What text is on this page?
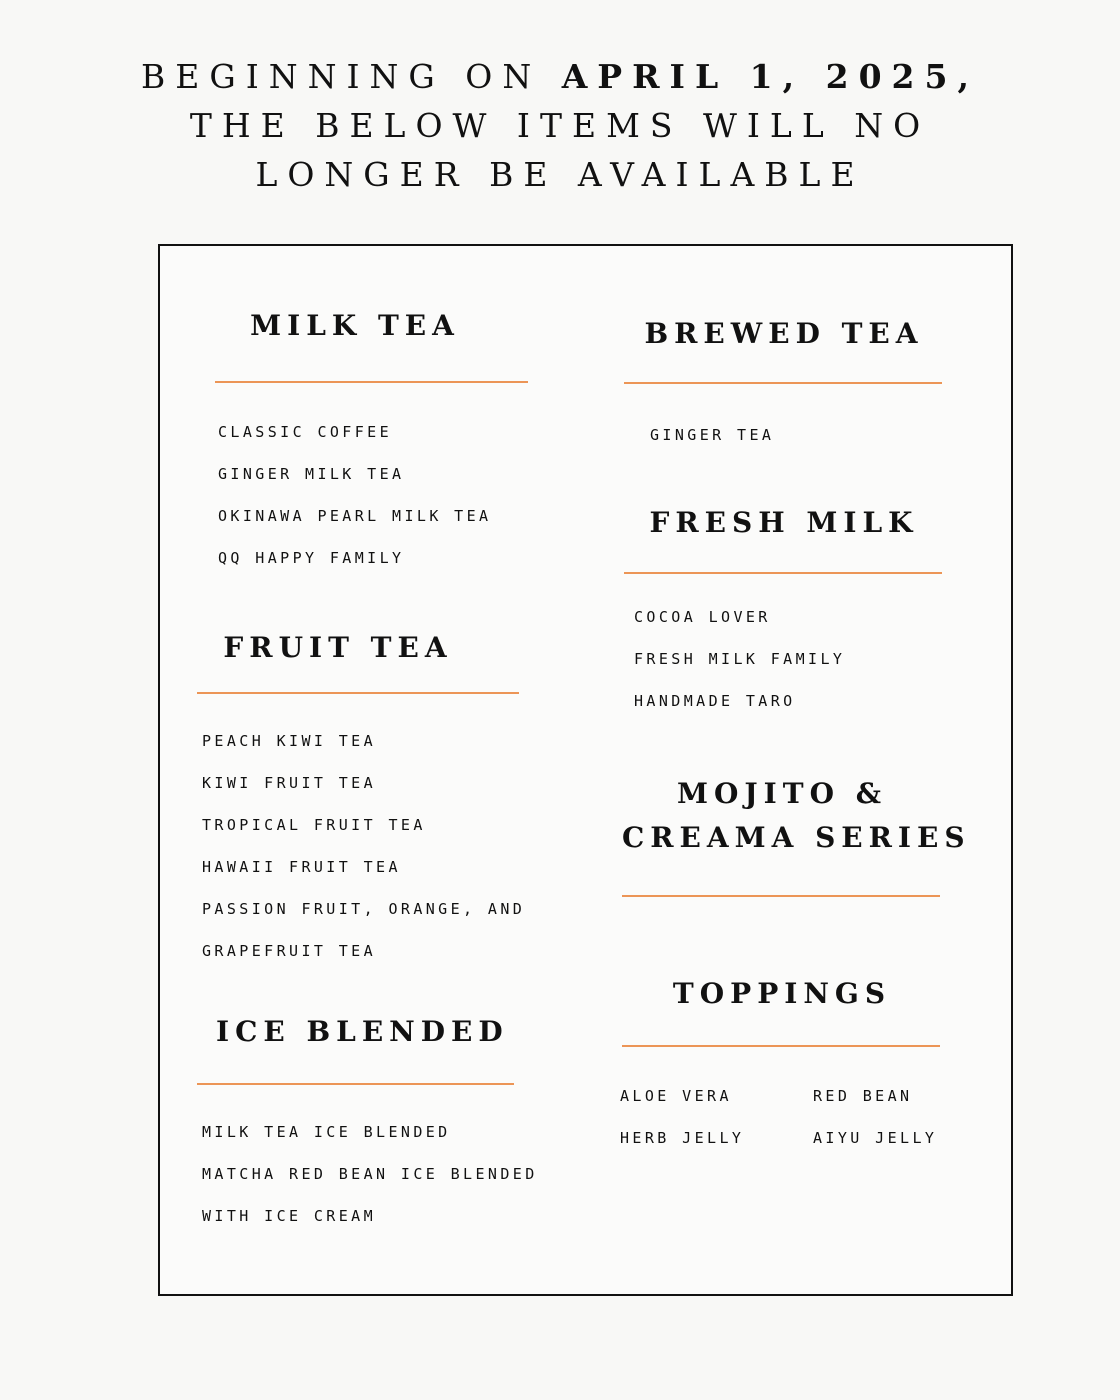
BEGINNING ON APRIL 1, 2025,
THE BELOW ITEMS WILL NO
LONGER BE AVAILABLE
MILK TEA
CLASSIC COFFEE
GINGER MILK TEA
OKINAWA PEARL MILK TEA
QQ HAPPY FAMILY
FRUIT TEA
PEACH KIWI TEA
KIWI FRUIT TEA
TROPICAL FRUIT TEA
HAWAII FRUIT TEA
PASSION FRUIT, ORANGE, AND
GRAPEFRUIT TEA
ICE BLENDED
MILK TEA ICE BLENDED
MATCHA RED BEAN ICE BLENDED
WITH ICE CREAM
BREWED TEA
GINGER TEA
FRESH MILK
COCOA LOVER
FRESH MILK FAMILY
HANDMADE TARO
MOJITO &
CREAMA SERIES
TOPPINGS
ALOE VERA
HERB JELLY
RED BEAN
AIYU JELLY
